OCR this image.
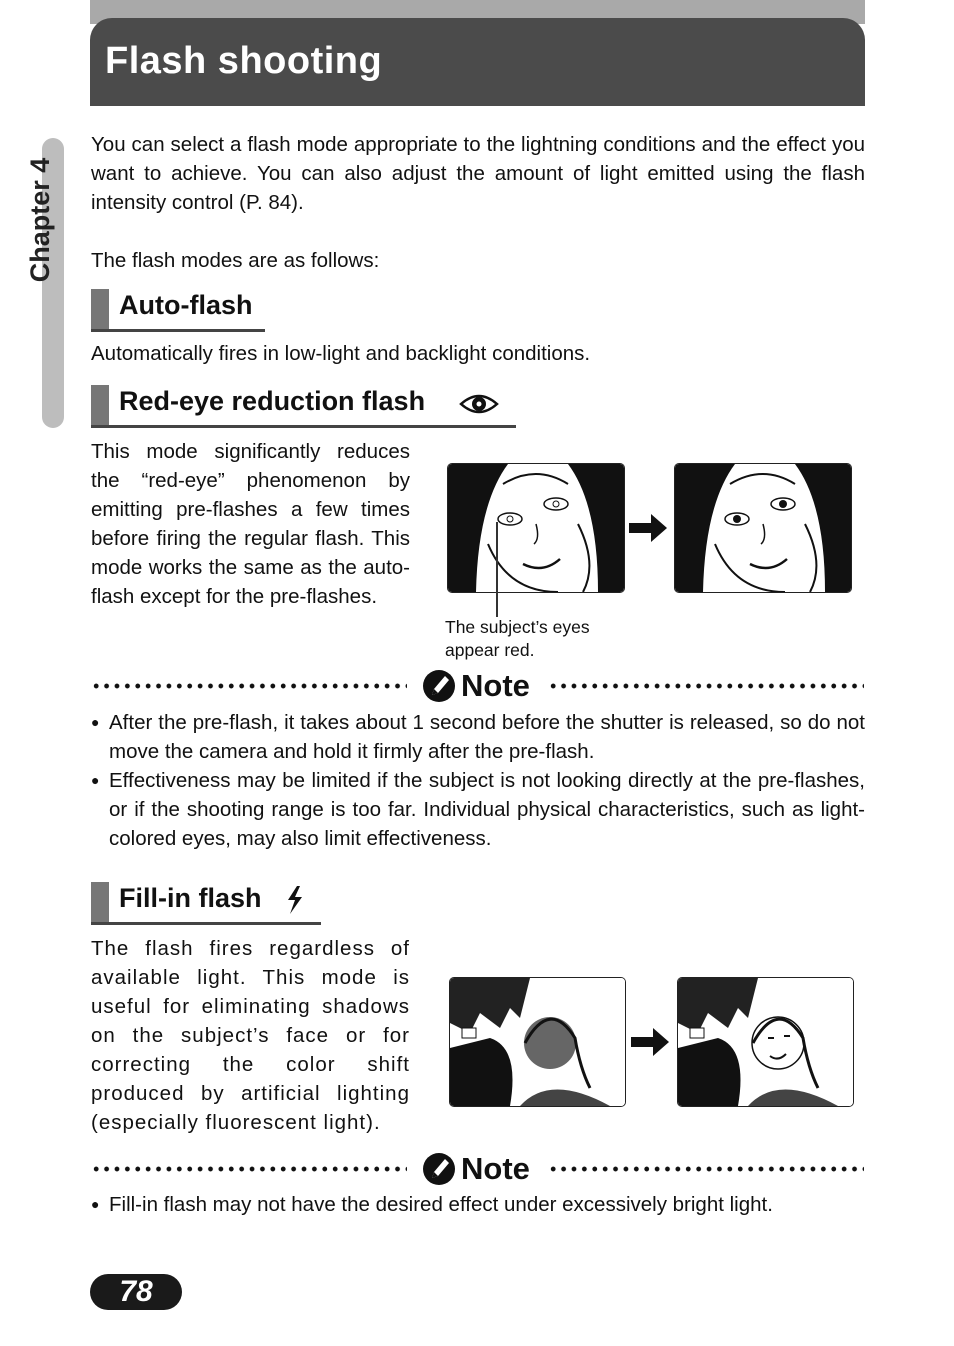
Flash shooting
Chapter 4
You can select a flash mode appropriate to the lightning conditions and the effect you want to achieve. You can also adjust the amount of light emitted using the flash intensity control (P. 84).
The flash modes are as follows:
Auto-flash
Automatically fires in low-light and backlight conditions.
Red-eye reduction flash
This mode significantly reduces the “red-eye” phenomenon by emitting pre-flashes a few times before firing the regular flash. This mode works the same as the auto-flash except for the pre-flashes.
The subject’s eyes
appear red.
Note
● After the pre-flash, it takes about 1 second before the shutter is released, so do not move the camera and hold it firmly after the pre-flash.
● Effectiveness may be limited if the subject is not looking directly at the pre-flashes, or if the shooting range is too far. Individual physical characteristics, such as light-colored eyes, may also limit effectiveness.
Fill-in flash
The flash fires regardless of available light. This mode is useful for eliminating shadows on the subject’s face or for correcting the color shift produced by artificial lighting (especially fluorescent light).
Note
● Fill-in flash may not have the desired effect under excessively bright light.
78
